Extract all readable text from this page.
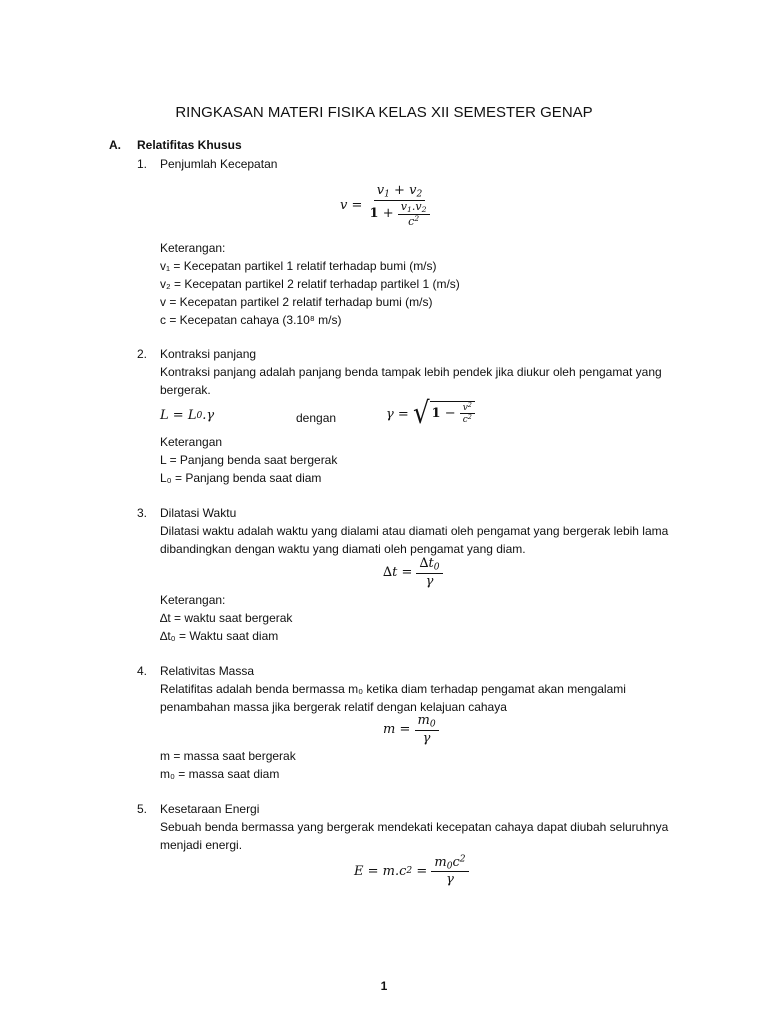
RINGKASAN MATERI FISIKA KELAS XII SEMESTER GENAP
A. Relatifitas Khusus
1. Penjumlah Kecepatan
$v = \frac{v_1 + v_2}{1 + \frac{v_1.v_2}{c^2}}$
Keterangan:
v₁ = Kecepatan partikel 1 relatif terhadap bumi (m/s)
v₂ = Kecepatan partikel 2 relatif terhadap partikel 1 (m/s)
v = Kecepatan partikel 2 relatif terhadap bumi (m/s)
c = Kecepatan cahaya (3.10⁸ m/s)
2. Kontraksi panjang
Kontraksi panjang adalah panjang benda tampak lebih pendek jika diukur oleh pengamat yang
bergerak.
L = L 0 .γ	dengan	γ = √ $1 - \frac{v^2}{c^2}$
Keterangan
L = Panjang benda saat bergerak
L₀ = Panjang benda saat diam
3. Dilatasi Waktu
Dilatasi waktu adalah waktu yang dialami atau diamati oleh pengamat yang bergerak lebih lama
dibandingkan dengan waktu yang diamati oleh pengamat yang diam.
$\Delta t = \frac{\Delta t_0}{\gamma}$
Keterangan:
∆t = waktu saat bergerak
∆t₀ = Waktu saat diam
4. Relativitas Massa
Relatifitas adalah benda bermassa m₀ ketika diam terhadap pengamat akan mengalami
penambahan massa jika bergerak relatif dengan kelajuan cahaya
$m = \frac{m_0}{\gamma}$
m = massa saat bergerak
m₀ = massa saat diam
5. Kesetaraan Energi
Sebuah benda bermassa yang bergerak mendekati kecepatan cahaya dapat diubah seluruhnya
menjadi energi.
E = m.c $2 = \frac{m_0c^2}{\gamma}$
1
